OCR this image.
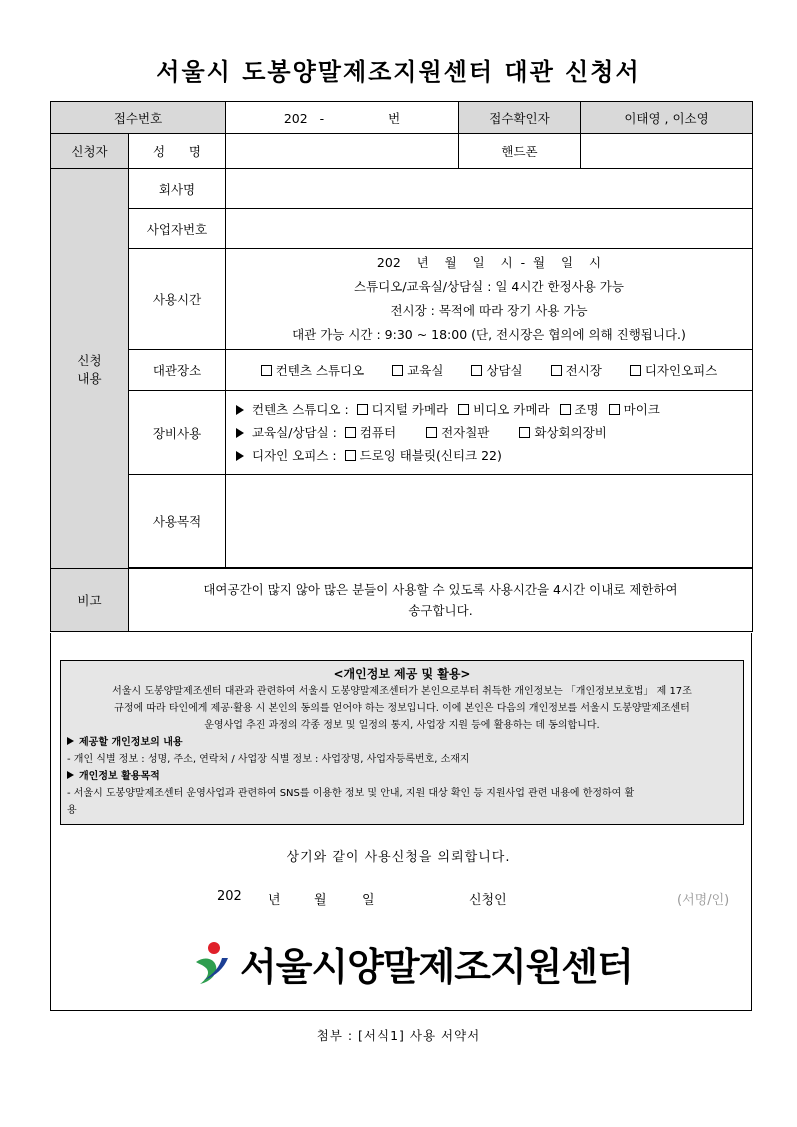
서울시 도봉양말제조지원센터 대관 신청서
접수번호		202   - 번	접수확인자	이태영 , 이소영
신청자	성      명		핸드폰	

신청
내용	회사명			
	사업자번호			
	사용시간	202    년    월    일    시  -  월    일    시
스튜디오/교육실/상담실 : 일 4시간 한정사용 가능
전시장 : 목적에 따라 장기 사용 가능
대관 가능 시간 : 9:30 ~ 18:00 (단, 전시장은 협의에 의해 진행됩니다.)		

	대관장소	컨텐츠 스튜디오 교육실 상담실 전시장 디자인오피스		
	장비사용	컨텐츠 스튜디오 : 디지털 카메라 비디오 카메라 조명 마이크
교육실/상담실 : 컴퓨터 전자칠판 화상회의장비
디자인 오피스 : 드로잉 태블릿(신티크 22)		

	사용목적			

비고	대여공간이 많지 않아 많은 분들이 사용할 수 있도록 사용시간을 4시간 이내로 제한하여
송구합니다.			
<개인정보 제공 및 활용>
서울시 도봉양말제조센터 대관과 관련하여 서울시 도봉양말제조센터가 본인으로부터 취득한 개인정보는 「개인정보보호법」 제 17조
규정에 따라 타인에게 제공·활용 시 본인의 동의를 얻어야 하는 정보입니다. 이에 본인은 다음의 개인정보를 서울시 도봉양말제조센터
운영사업 추진 과정의 각종 정보 및 일정의 통지, 사업장 지원 등에 활용하는 데 동의합니다.
제공할 개인정보의 내용
- 개인 식별 정보 : 성명, 주소, 연락처 / 사업장 식별 정보 : 사업장명, 사업자등록번호, 소재지
개인정보 활용목적
- 서울시 도봉양말제조센터 운영사업과 관련하여 SNS를 이용한 정보 및 안내, 지원 대상 확인 등 지원사업 관련 내용에 한정하여 활
용
상기와 같이 사용신청을 의뢰합니다.
202 년	월	일	신청인	(서명/인)
서울시양말제조지원센터
첨부 : [서식1] 사용 서약서
